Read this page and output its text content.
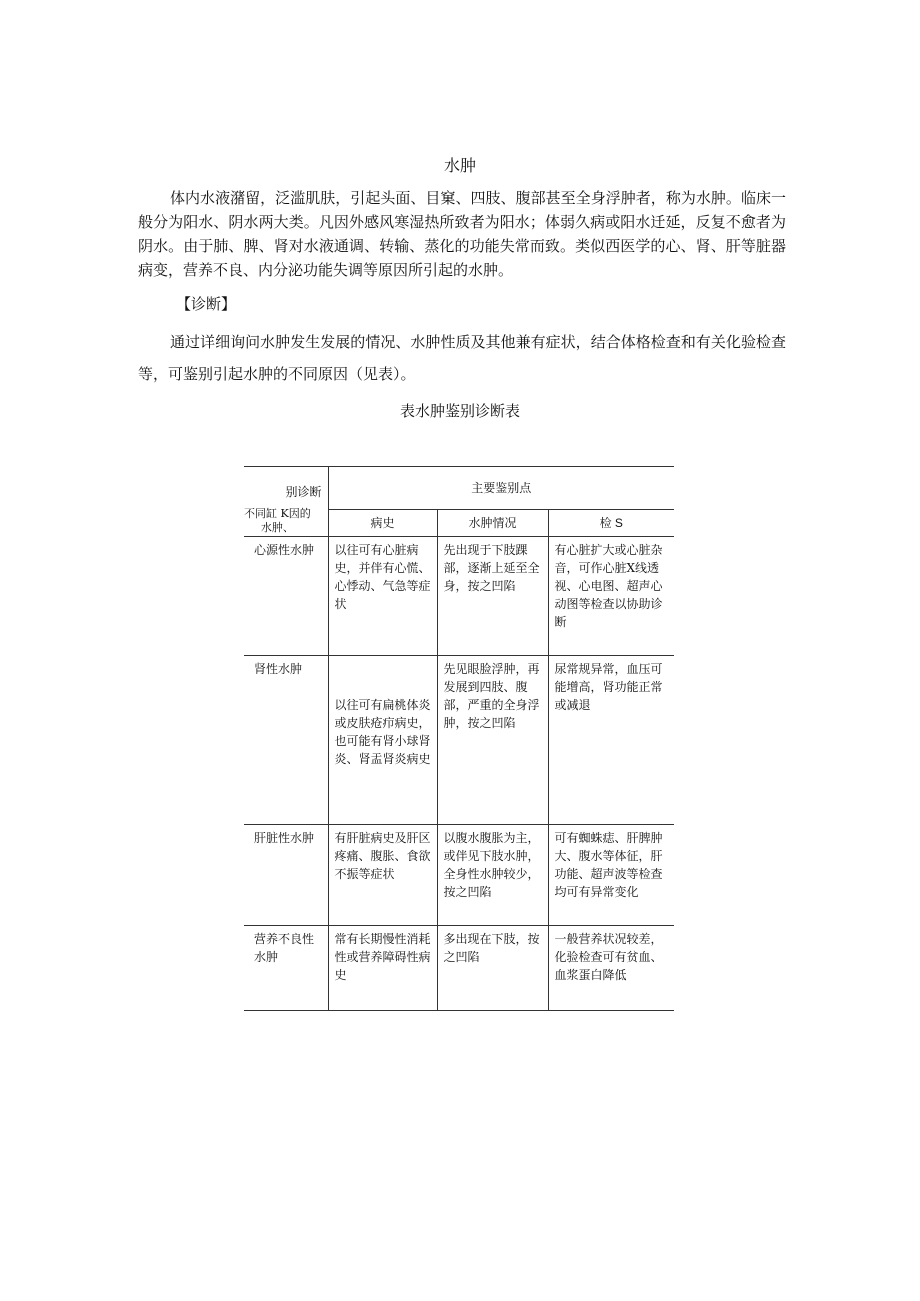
水肿

体内水液潴留，泛滥肌肤，引起头面、目窠、四肢、腹部甚至全身浮肿者，称为水肿。临床一般分为阳水、阴水两大类。凡因外感风寒湿热所致者为阳水；体弱久病或阳水迁延，反复不愈者为阴水。由于肺、脾、肾对水液通调、转输、蒸化的功能失常而致。类似西医学的心、肾、肝等脏器病变，营养不良、内分泌功能失调等原因所引起的水肿。

【诊断】

通过详细询问水肿发生发展的情况、水肿性质及其他兼有症状，结合体格检查和有关化验检查等，可鉴别引起水肿的不同原因（见表）。

表水肿鉴别诊断表
别诊断
不同缸 K因的
水肿、	主要鉴别点		
	病史	水肿情况	检 S
心源性水肿	以往可有心脏病史，并伴有心慌、心悸动、气急等症状	先出现于下肢踝部，逐渐上延至全身，按之凹陷	有心脏扩大或心脏杂音，可作心脏X线透视、心电图、超声心动图等检查以协助诊断
肾性水肿	以往可有扁桃体炎或皮肤疮疖病史，也可能有肾小球肾炎、肾盂肾炎病史	先见眼脸浮肿，再发展到四肢、腹部，严重的全身浮肿，按之凹陷	尿常规异常，血压可能增高，肾功能正常或减退
肝脏性水肿	有肝脏病史及肝区疼痛、腹胀、食欲不振等症状	以腹水腹胀为主，或伴见下肢水肿，全身性水肿较少，按之凹陷	可有蜘蛛痣、肝脾肿大、腹水等体征，肝功能、超声波等检查均可有异常变化
营养不良性水肿	常有长期慢性消耗性或营养障碍性病史	多出现在下肢，按之凹陷	一般营养状况较差，化验检查可有贫血、血浆蛋白降低
